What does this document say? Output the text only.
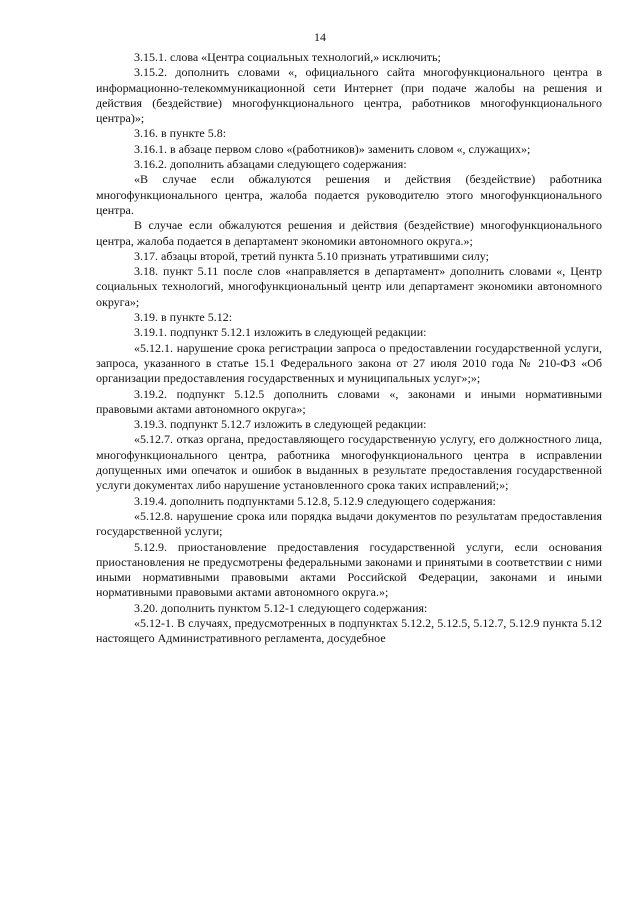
14

3.15.1. слова «Центра социальных технологий,» исключить;

3.15.2. дополнить словами «, официального сайта многофункционального центра в информационно-телекоммуникационной сети Интернет (при подаче жалобы на решения и действия (бездействие) многофункционального центра, работников многофункционального центра)»;

3.16. в пункте 5.8:

3.16.1. в абзаце первом слово «(работников)» заменить словом «, служащих»;

3.16.2. дополнить абзацами следующего содержания:

«В случае если обжалуются решения и действия (бездействие) работника многофункционального центра, жалоба подается руководителю этого многофункционального центра.

В случае если обжалуются решения и действия (бездействие) многофункционального центра, жалоба подается в департамент экономики автономного округа.»;

3.17. абзацы второй, третий пункта 5.10 признать утратившими силу;

3.18. пункт 5.11 после слов «направляется в департамент» дополнить словами «, Центр социальных технологий, многофункциональный центр или департамент экономики автономного округа»;

3.19. в пункте 5.12:

3.19.1. подпункт 5.12.1 изложить в следующей редакции:

«5.12.1. нарушение срока регистрации запроса о предоставлении государственной услуги, запроса, указанного в статье 15.1 Федерального закона от 27 июля 2010 года № 210-ФЗ «Об организации предоставления государственных и муниципальных услуг»;»;

3.19.2. подпункт 5.12.5 дополнить словами «, законами и иными нормативными правовыми актами автономного округа»;

3.19.3. подпункт 5.12.7 изложить в следующей редакции:

«5.12.7. отказ органа, предоставляющего государственную услугу, его должностного лица, многофункционального центра, работника многофункционального центра в исправлении допущенных ими опечаток и ошибок в выданных в результате предоставления государственной услуги документах либо нарушение установленного срока таких исправлений;»;

3.19.4. дополнить подпунктами 5.12.8, 5.12.9 следующего содержания:

«5.12.8. нарушение срока или порядка выдачи документов по результатам предоставления государственной услуги;

5.12.9. приостановление предоставления государственной услуги, если основания приостановления не предусмотрены федеральными законами и принятыми в соответствии с ними иными нормативными правовыми актами Российской Федерации, законами и иными нормативными правовыми актами автономного округа.»;

3.20. дополнить пунктом 5.12-1 следующего содержания:

«5.12-1. В случаях, предусмотренных в подпунктах 5.12.2, 5.12.5, 5.12.7, 5.12.9 пункта 5.12 настоящего Административного регламента, досудебное
